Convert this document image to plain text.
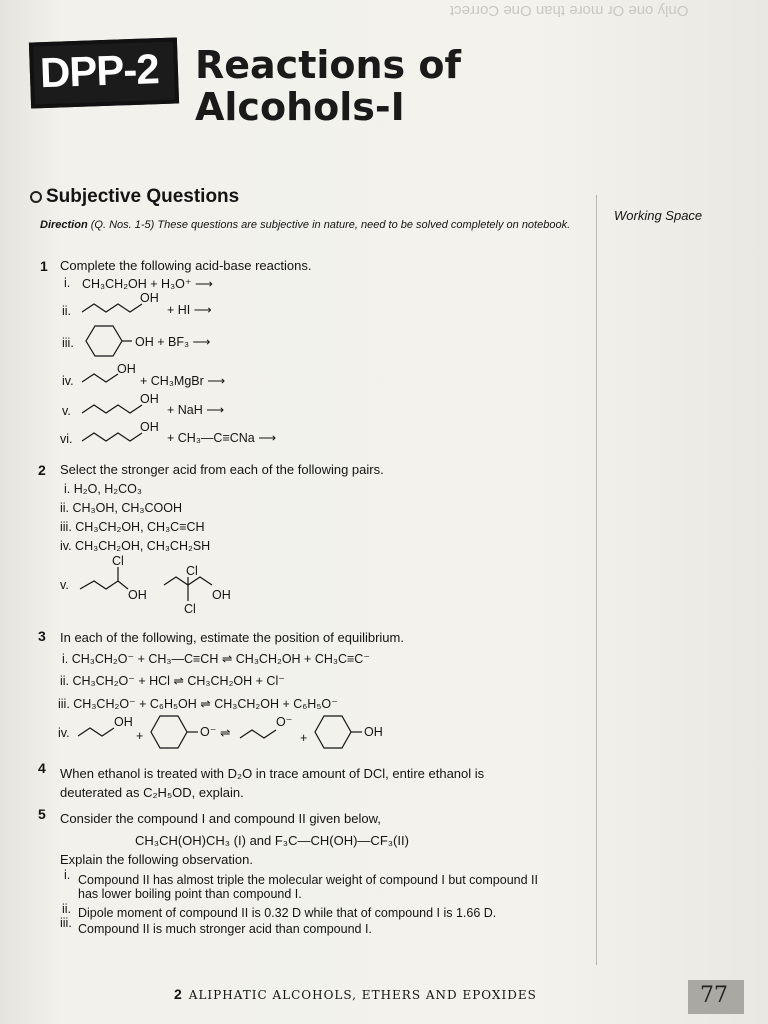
Only one Or more than One Correct
DPP-2 Reactions of
Alcohols-I
Subjective Questions
Direction (Q. Nos. 1-5) These questions are subjective in nature, need to be solved completely on notebook.
Working Space
1 Complete the following acid-base reactions.
i. CH₃CH₂OH + H₃O⁺ ⟶
ii.
OH
+ HI ⟶
iii.	OH + BF₃ ⟶
iv.
OH
+ CH₃MgBr ⟶
v.
OH
+ NaH ⟶
vi.
OH
+ CH₃—C≡CNa ⟶
2 Select the stronger acid from each of the following pairs.
i. H₂O, H₂CO₃
ii. CH₃OH, CH₃COOH
iii. CH₃CH₂OH, CH₃C≡CH
iv. CH₃CH₂OH, CH₃CH₂SH
v.
Cl
OH
Cl
Cl
OH
3 In each of the following, estimate the position of equilibrium.
i. CH₃CH₂O⁻ + CH₃—C≡CH ⇌ CH₃CH₂OH + CH₃C≡C⁻
ii. CH₃CH₂O⁻ + HCl ⇌ CH₃CH₂OH + Cl⁻
iii. CH₃CH₂O⁻ + C₆H₅OH ⇌ CH₃CH₂OH + C₆H₅O⁻
iv.
OH
+	O⁻ ⇌
O⁻
+	OH
4 When ethanol is treated with D₂O in trace amount of DCl, entire ethanol is
deuterated as C₂H₅OD, explain.
5 Consider the compound I and compound II given below,
CH₃CH(OH)CH₃ (I) and F₃C—CH(OH)—CF₃(II)
Explain the following observation.
i. Compound II has almost triple the molecular weight of compound I but compound II
has lower boiling point than compound I.
ii. Dipole moment of compound II is 0.32 D while that of compound I is 1.66 D.
iii. Compound II is much stronger acid than compound I.
2 ALIPHATIC ALCOHOLS, ETHERS AND EPOXIDES	77
